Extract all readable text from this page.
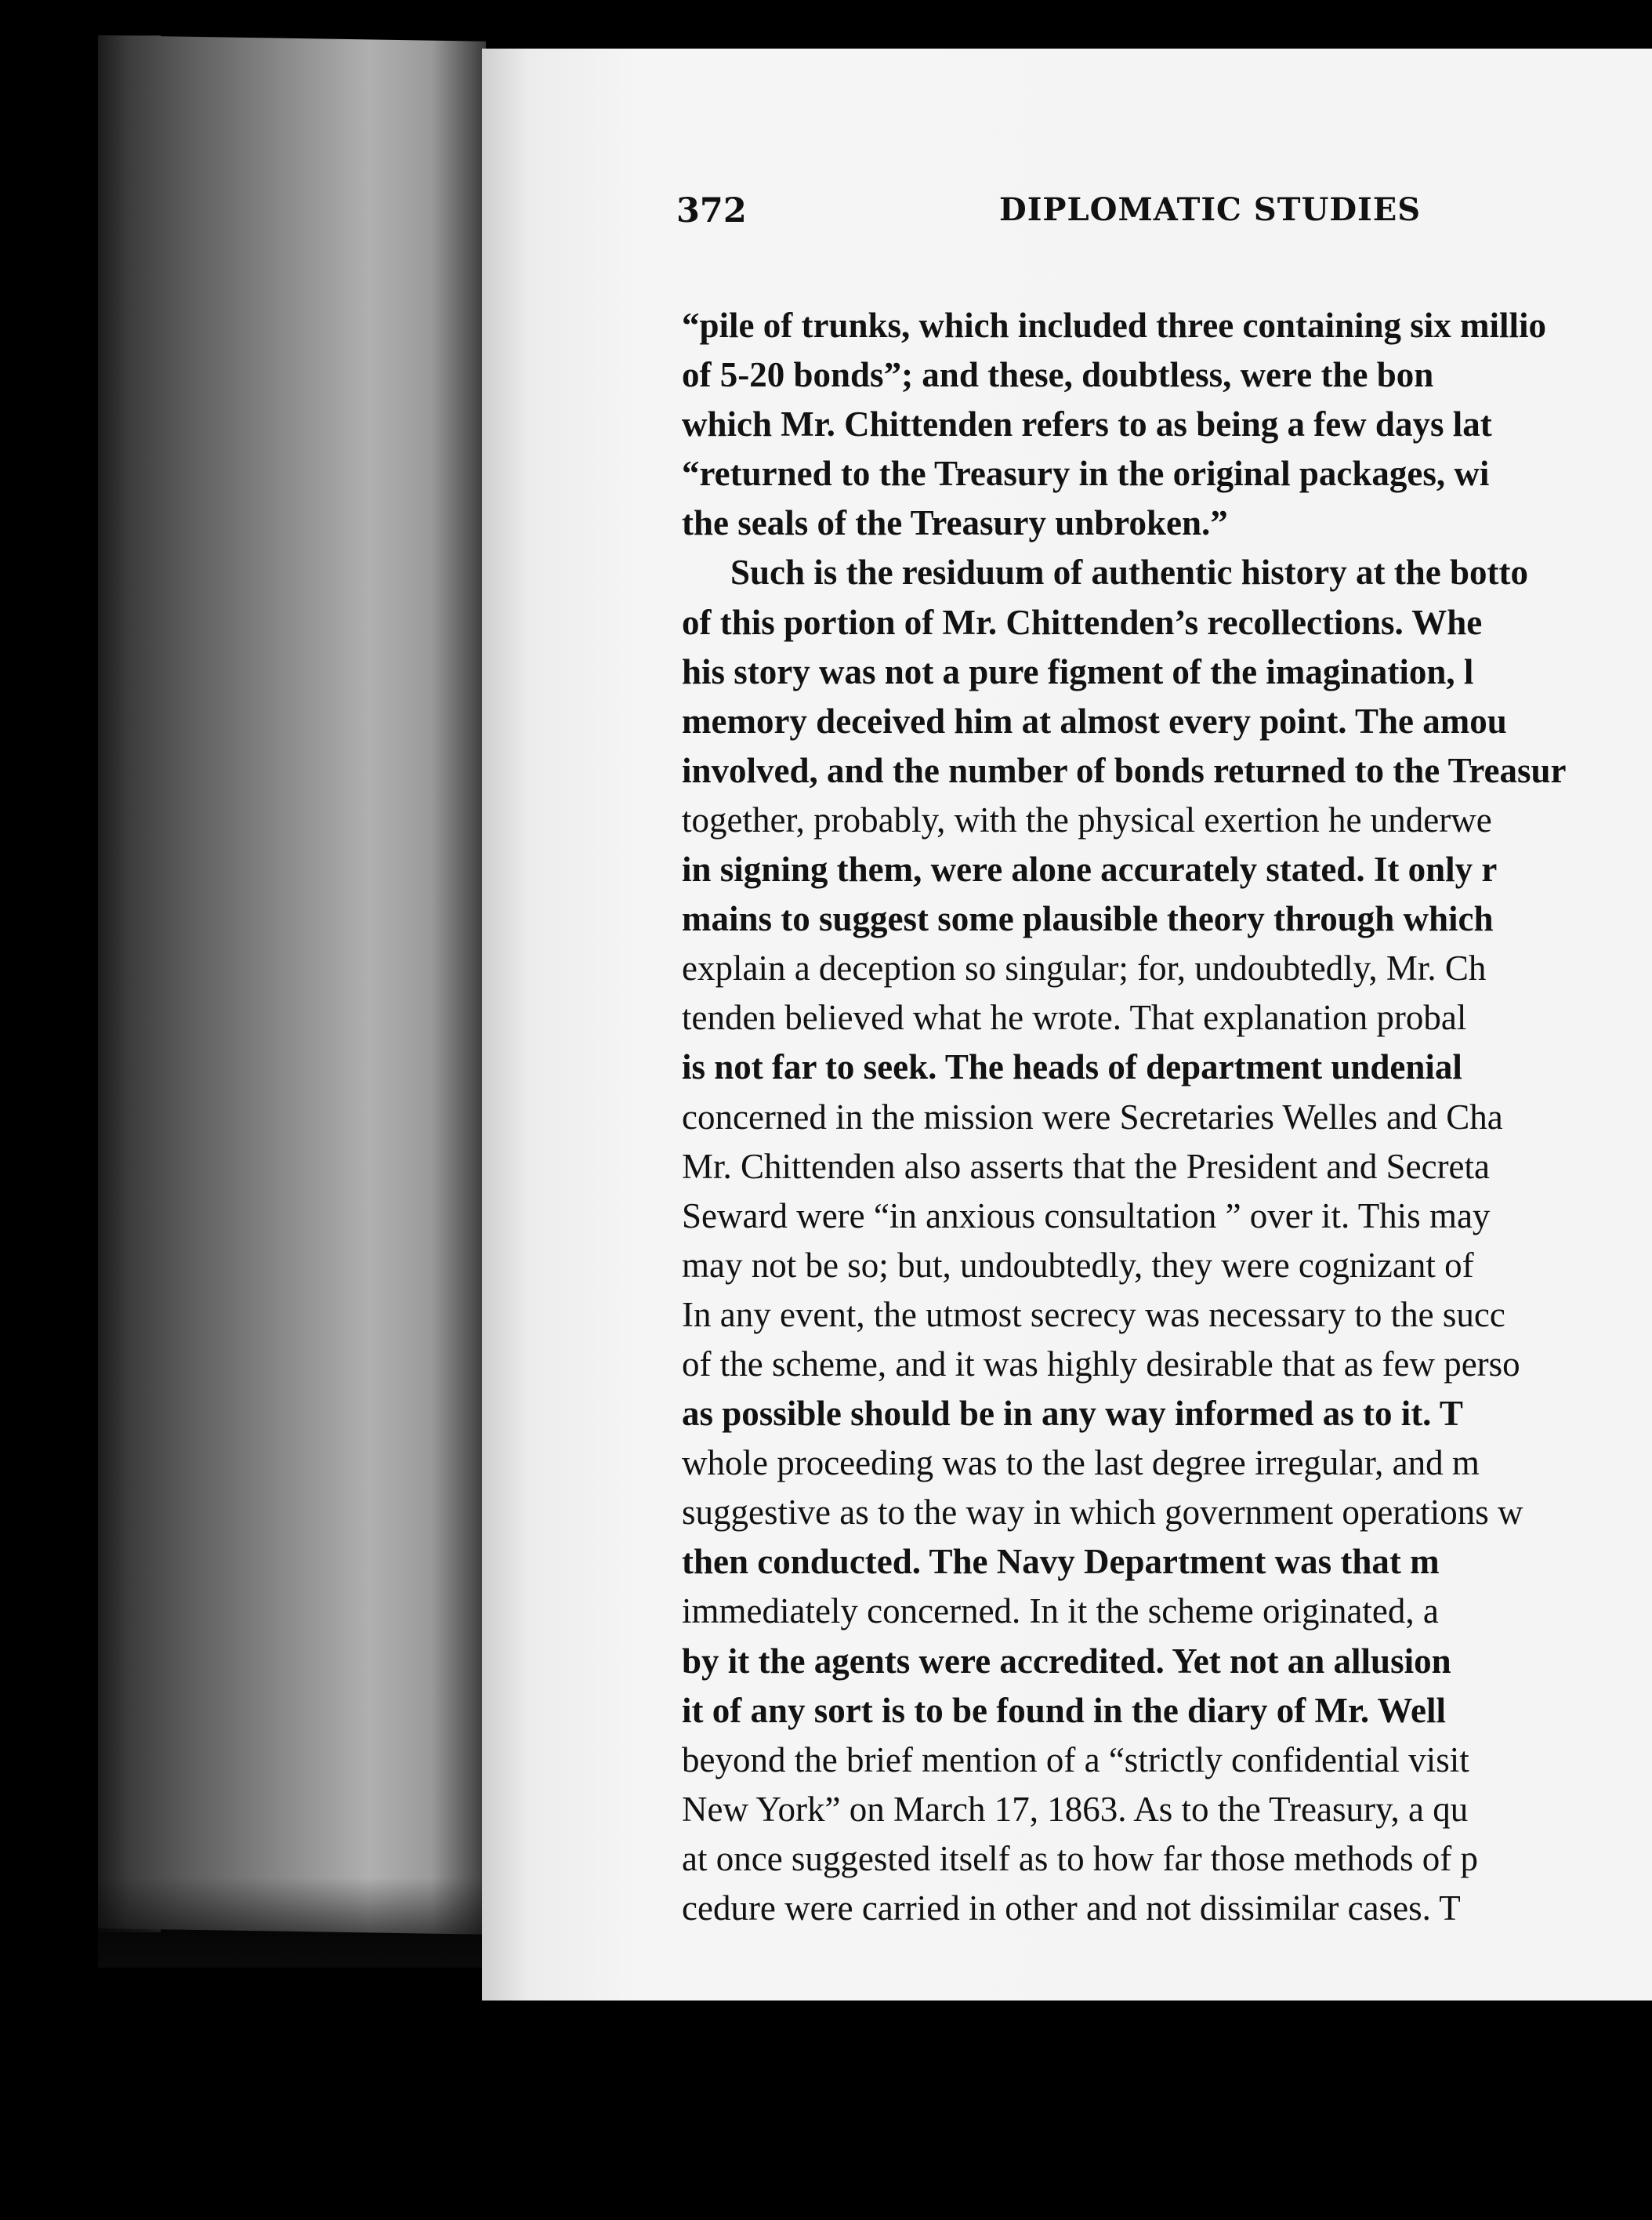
372	DIPLOMATIC STUDIES
“pile of trunks, which included three containing six millio
of 5-20 bonds”; and these, doubtless, were the bon
which Mr. Chittenden refers to as being a few days lat
“returned to the Treasury in the original packages, wi
the seals of the Treasury unbroken.”
Such is the residuum of authentic history at the botto
of this portion of Mr. Chittenden’s recollections. Whe
his story was not a pure figment of the imagination, l
memory deceived him at almost every point. The amou
involved, and the number of bonds returned to the Treasur
together, probably, with the physical exertion he underwe
in signing them, were alone accurately stated. It only r
mains to suggest some plausible theory through which
explain a deception so singular; for, undoubtedly, Mr. Ch
tenden believed what he wrote. That explanation probal
is not far to seek. The heads of department undenial
concerned in the mission were Secretaries Welles and Cha
Mr. Chittenden also asserts that the President and Secreta
Seward were “in anxious consultation ” over it. This may
may not be so; but, undoubtedly, they were cognizant of
In any event, the utmost secrecy was necessary to the succ
of the scheme, and it was highly desirable that as few perso
as possible should be in any way informed as to it. T
whole proceeding was to the last degree irregular, and m
suggestive as to the way in which government operations w
then conducted. The Navy Department was that m
immediately concerned. In it the scheme originated, a
by it the agents were accredited. Yet not an allusion
it of any sort is to be found in the diary of Mr. Well
beyond the brief mention of a “strictly confidential visit
New York” on March 17, 1863. As to the Treasury, a qu
at once suggested itself as to how far those methods of p
cedure were carried in other and not dissimilar cases. T
